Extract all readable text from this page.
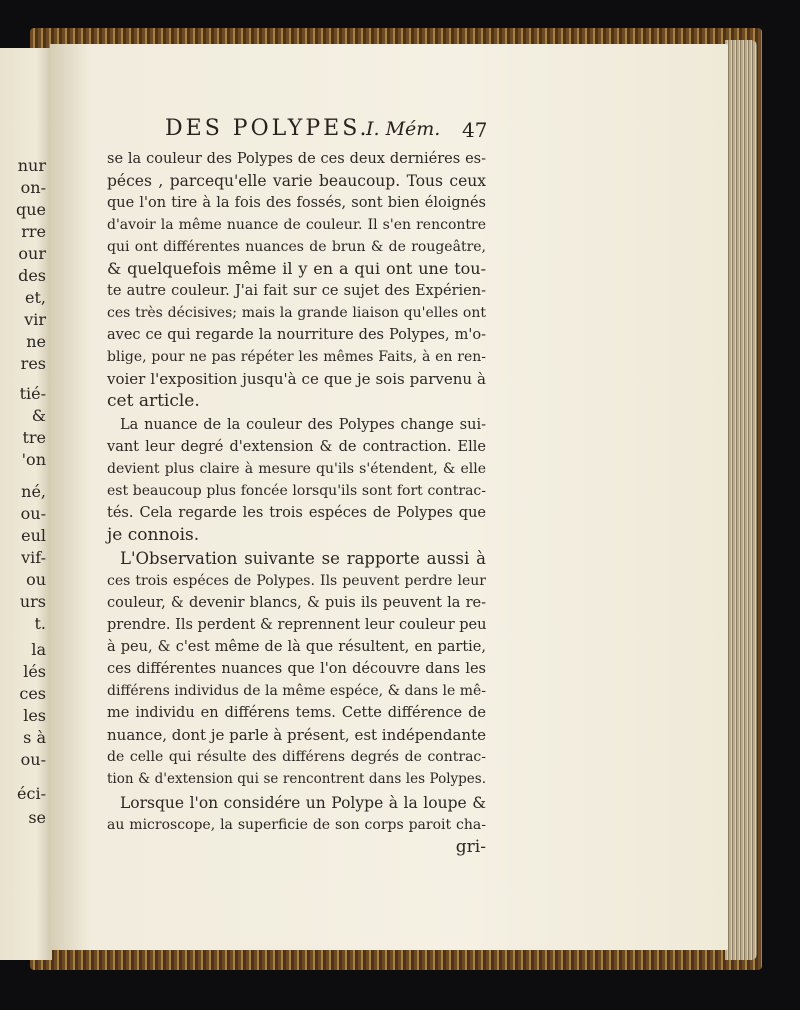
nur
on-
que
rre
our
des
et,
vir
ne
res
tié-
&
tre
'on
né,
ou-
eul
vif-
ou
urs
t.
la
lés
ces
les
s à
ou-
éci-
se
DES POLYPES.
I. Mém. 47
se la couleur des Polypes de ces deux derniéres es-
péces , parcequ'elle varie beaucoup. Tous ceux
que l'on tire à la fois des fossés, sont bien éloignés
d'avoir la même nuance de couleur. Il s'en rencontre
qui ont différentes nuances de brun & de rougeâtre,
& quelquefois même il y en a qui ont une tou-
te autre couleur. J'ai fait sur ce sujet des Expérien-
ces très décisives; mais la grande liaison qu'elles ont
avec ce qui regarde la nourriture des Polypes, m'o-
blige, pour ne pas répéter les mêmes Faits, à en ren-
voier l'exposition jusqu'à ce que je sois parvenu à
cet article.
La nuance de la couleur des Polypes change sui-
vant leur degré d'extension & de contraction. Elle
devient plus claire à mesure qu'ils s'étendent, & elle
est beaucoup plus foncée lorsqu'ils sont fort contrac-
tés. Cela regarde les trois espéces de Polypes que
je connois.
L'Observation suivante se rapporte aussi à
ces trois espéces de Polypes. Ils peuvent perdre leur
couleur, & devenir blancs, & puis ils peuvent la re-
prendre. Ils perdent & reprennent leur couleur peu
à peu, & c'est même de là que résultent, en partie,
ces différentes nuances que l'on découvre dans les
différens individus de la même espéce, & dans le mê-
me individu en différens tems. Cette différence de
nuance, dont je parle à présent, est indépendante
de celle qui résulte des différens degrés de contrac-
tion & d'extension qui se rencontrent dans les Polypes.
Lorsque l'on considére un Polype à la loupe &
au microscope, la superficie de son corps paroit cha-
gri-
